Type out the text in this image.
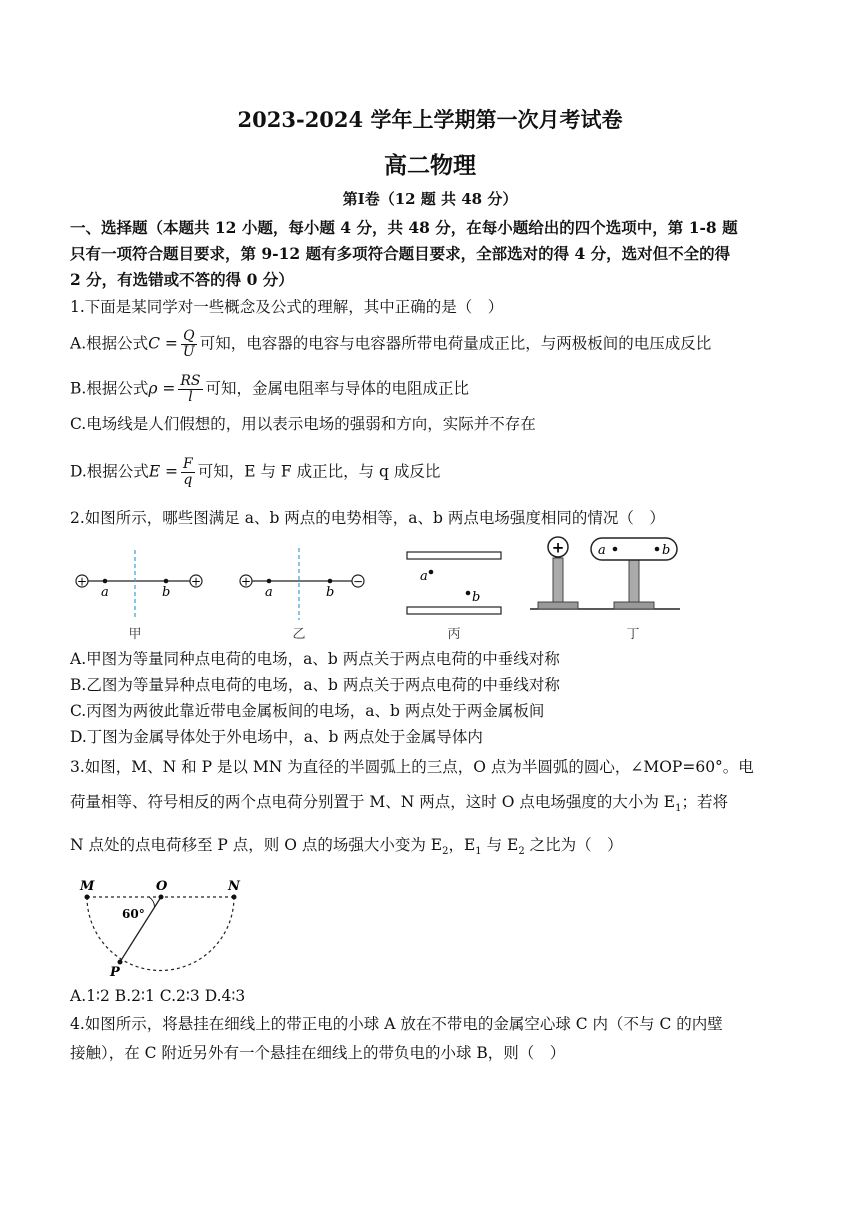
2023-2024 学年上学期第一次月考试卷
高二物理
第Ⅰ卷（12 题 共 48 分）
一、选择题（本题共 12 小题，每小题 4 分，共 48 分，在每小题给出的四个选项中，第 1-8 题
只有一项符合题目要求，第 9-12 题有多项符合题目要求，全部选对的得 4 分，选对但不全的得
2 分，有选错或不答的得 0 分）
1.下面是某同学对一些概念及公式的理解，其中正确的是（　）
A.根据公式$C = \frac{Q}{U}$ 可知，电容器的电容与电容器所带电荷量成正比，与两极板间的电压成反比
B.根据公式$\rho = \frac{RS}{l}$ 可知，金属电阻率与导体的电阻成正比
C.电场线是人们假想的，用以表示电场的强弱和方向，实际并不存在
D.根据公式$E = \frac{F}{q}$ 可知，E 与 F 成正比，与 q 成反比
2.如图所示，哪些图满足 a、b 两点的电势相等，a、b 两点电场强度相同的情况（　）
+	+
a	b
甲
+	−
a	b
乙
a
b
丙
+	a	b
丁
A.甲图为等量同种点电荷的电场，a、b 两点关于两点电荷的中垂线对称
B.乙图为等量异种点电荷的电场，a、b 两点关于两点电荷的中垂线对称
C.丙图为两彼此靠近带电金属板间的电场，a、b 两点处于两金属板间
D.丁图为金属导体处于外电场中，a、b 两点处于金属导体内
3.如图，M、N 和 P 是以 MN 为直径的半圆弧上的三点，O 点为半圆弧的圆心，∠MOP=60°。电
荷量相等、符号相反的两个点电荷分别置于 M、N 两点，这时 O 点电场强度的大小为 $E_1$；若将
N 点处的点电荷移至 P 点，则 O 点的场强大小变为 $E_2$，$E_1$ 与 $E_2$ 之比为（　）
M	O	N
P
60°
A.1∶2 B.2∶1 C.2∶3 D.4∶3
4.如图所示，将悬挂在细线上的带正电的小球 A 放在不带电的金属空心球 C 内（不与 C 的内壁
接触），在 C 附近另外有一个悬挂在细线上的带负电的小球 B，则（　）
